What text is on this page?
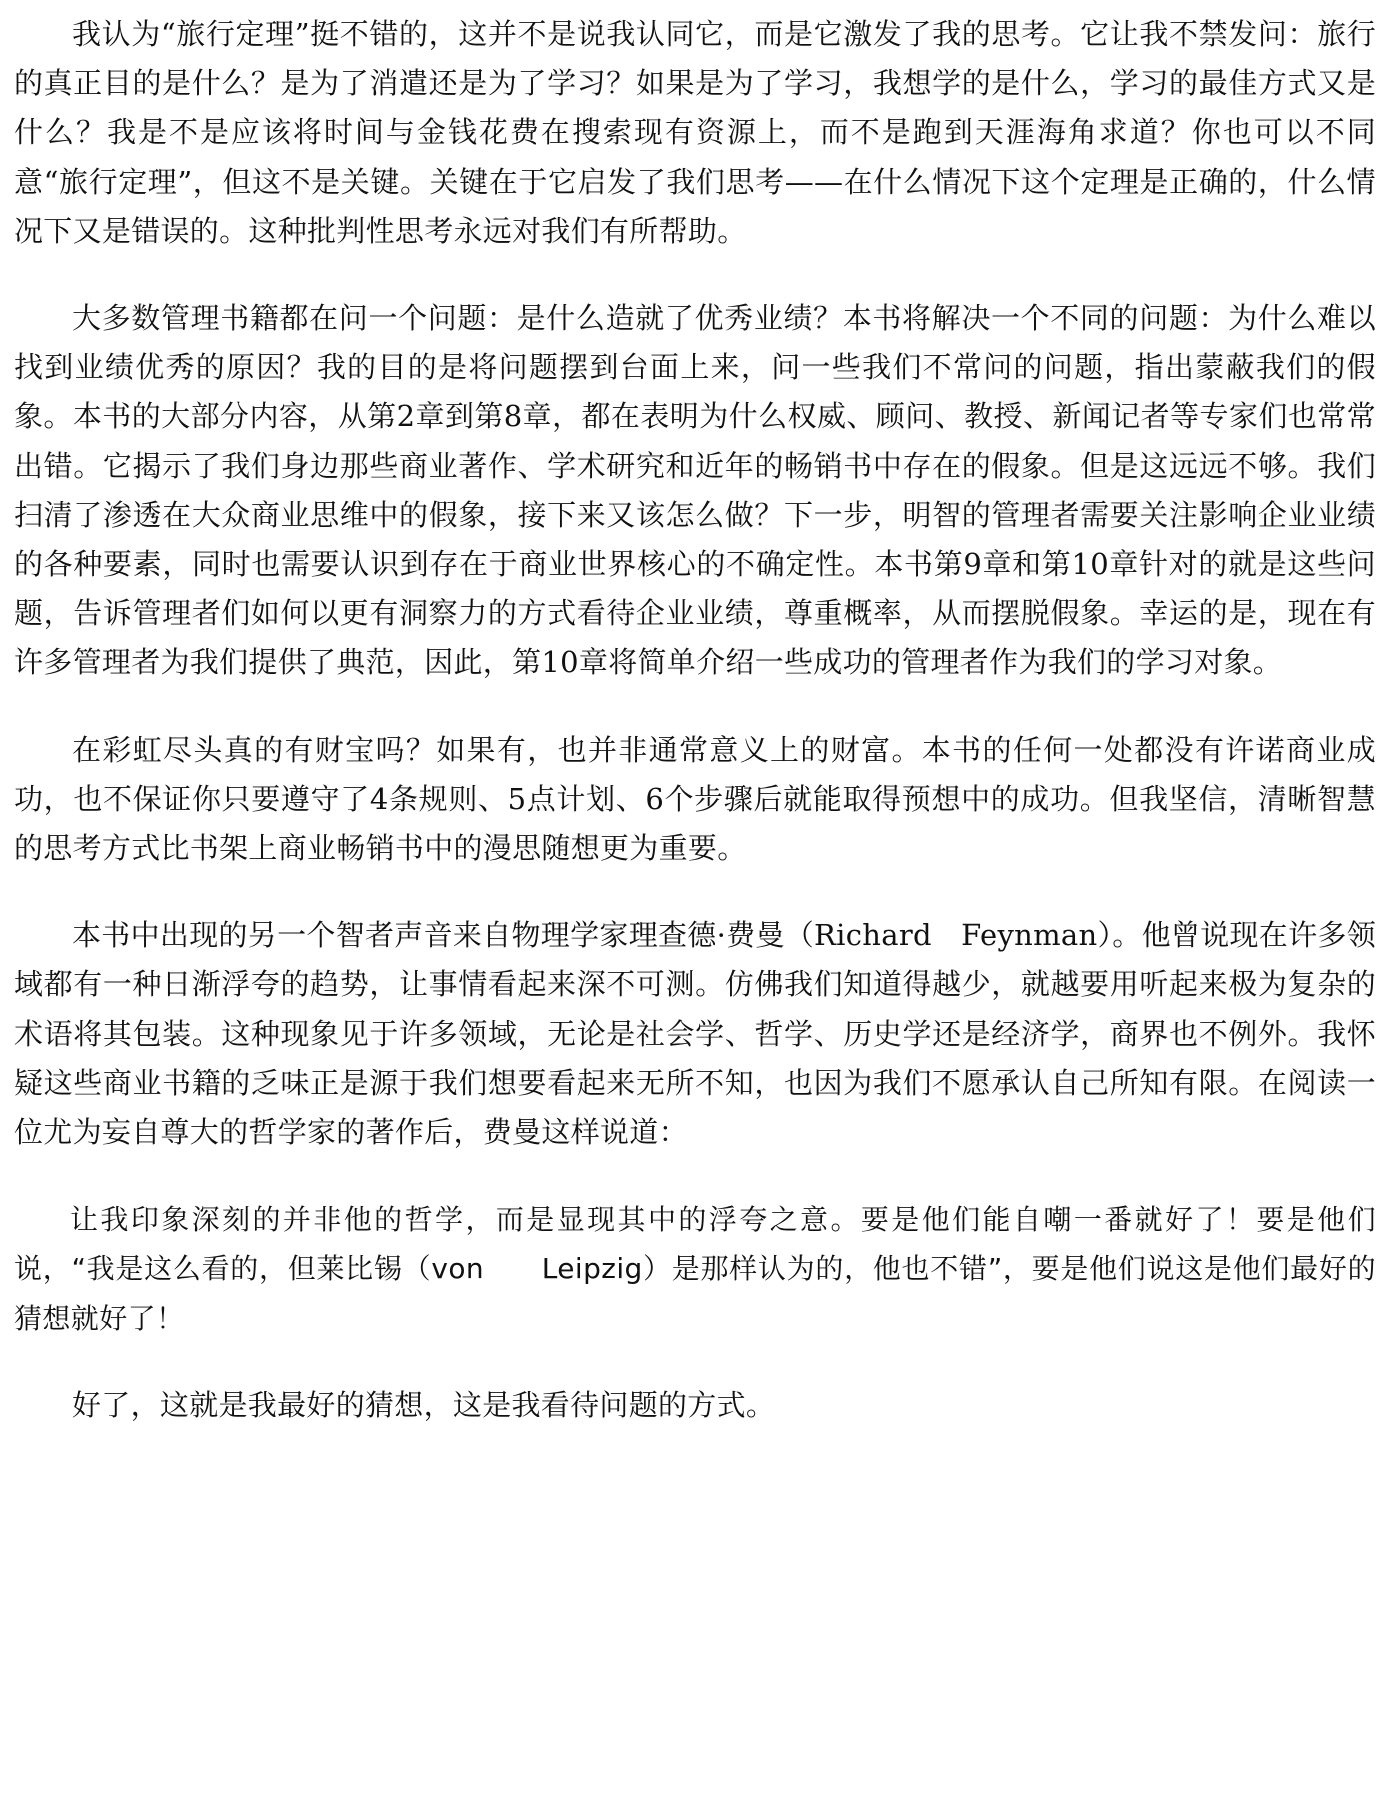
我认为“旅行定理”挺不错的，这并不是说我认同它，而是它激发了我的思考。它让我不禁发问：旅行的真正目的是什么？是为了消遣还是为了学习？如果是为了学习，我想学的是什么，学习的最佳方式又是什么？我是不是应该将时间与金钱花费在搜索现有资源上，而不是跑到天涯海角求道？你也可以不同意“旅行定理”，但这不是关键。关键在于它启发了我们思考——在什么情况下这个定理是正确的，什么情况下又是错误的。这种批判性思考永远对我们有所帮助。

大多数管理书籍都在问一个问题：是什么造就了优秀业绩？本书将解决一个不同的问题：为什么难以找到业绩优秀的原因？我的目的是将问题摆到台面上来，问一些我们不常问的问题，指出蒙蔽我们的假象。本书的大部分内容，从第2章到第8章，都在表明为什么权威、顾问、教授、新闻记者等专家们也常常出错。它揭示了我们身边那些商业著作、学术研究和近年的畅销书中存在的假象。但是这远远不够。我们扫清了渗透在大众商业思维中的假象，接下来又该怎么做？下一步，明智的管理者需要关注影响企业业绩的各种要素，同时也需要认识到存在于商业世界核心的不确定性。本书第9章和第10章针对的就是这些问题，告诉管理者们如何以更有洞察力的方式看待企业业绩，尊重概率，从而摆脱假象。幸运的是，现在有许多管理者为我们提供了典范，因此，第10章将简单介绍一些成功的管理者作为我们的学习对象。

在彩虹尽头真的有财宝吗？如果有，也并非通常意义上的财富。本书的任何一处都没有许诺商业成功，也不保证你只要遵守了4条规则、5点计划、6个步骤后就能取得预想中的成功。但我坚信，清晰智慧的思考方式比书架上商业畅销书中的漫思随想更为重要。

本书中出现的另一个智者声音来自物理学家理查德·费曼（Richard　Feynman）。他曾说现在许多领域都有一种日渐浮夸的趋势，让事情看起来深不可测。仿佛我们知道得越少，就越要用听起来极为复杂的术语将其包装。这种现象见于许多领域，无论是社会学、哲学、历史学还是经济学，商界也不例外。我怀疑这些商业书籍的乏味正是源于我们想要看起来无所不知，也因为我们不愿承认自己所知有限。在阅读一位尤为妄自尊大的哲学家的著作后，费曼这样说道：

让我印象深刻的并非他的哲学，而是显现其中的浮夸之意。要是他们能自嘲一番就好了！要是他们说，“我是这么看的，但莱比锡（von　　Leipzig）是那样认为的，他也不错”，要是他们说这是他们最好的猜想就好了！

好了，这就是我最好的猜想，这是我看待问题的方式。
